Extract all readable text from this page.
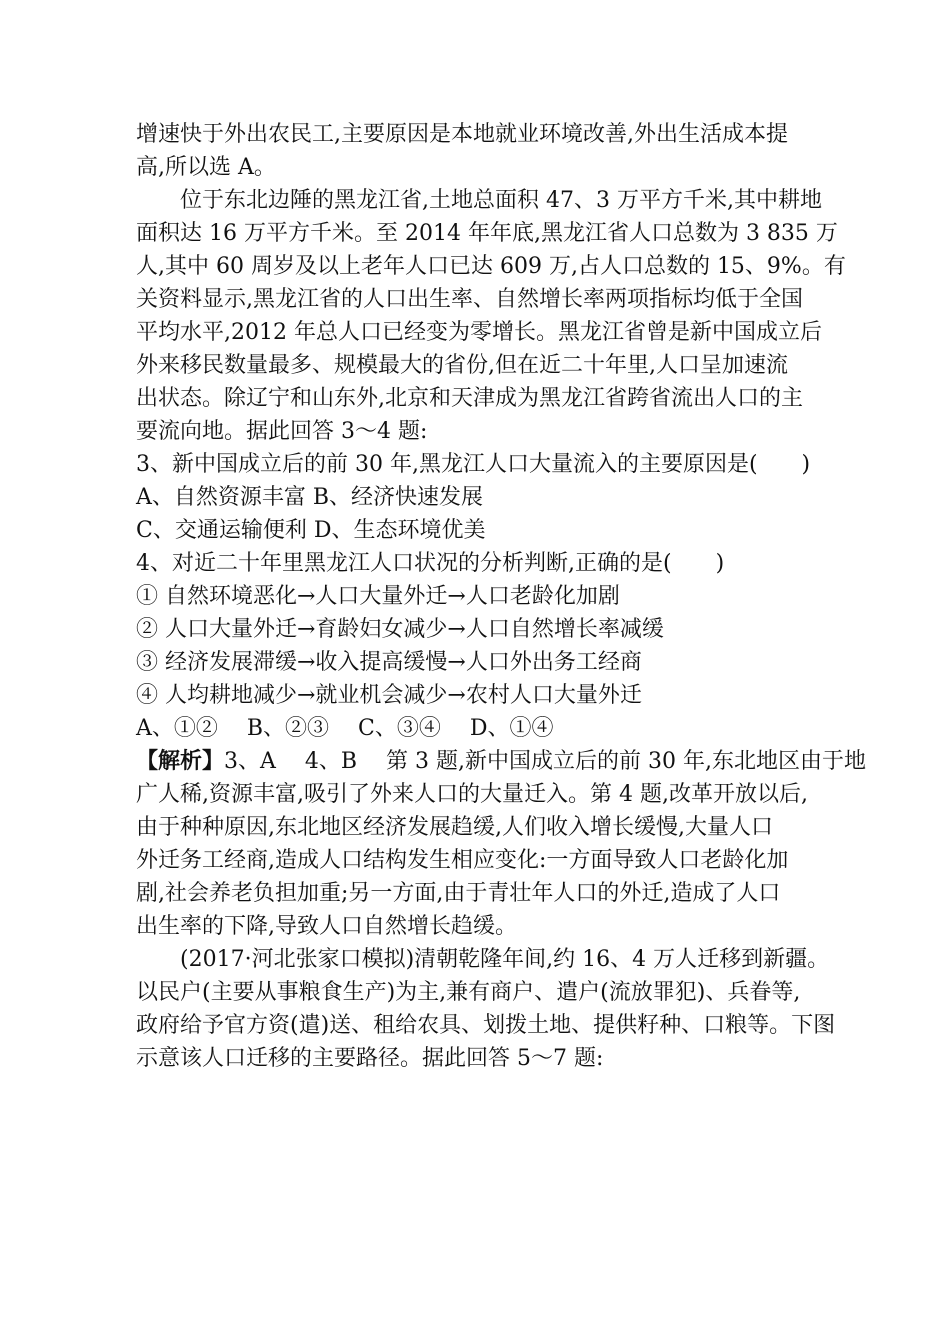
增速快于外出农民工,主要原因是本地就业环境改善,外出生活成本提
高,所以选 A。
位于东北边陲的黑龙江省,土地总面积 47、3 万平方千米,其中耕地
面积达 16 万平方千米。至 2014 年年底,黑龙江省人口总数为 3 835 万
人,其中 60 周岁及以上老年人口已达 609 万,占人口总数的 15、9%。有
关资料显示,黑龙江省的人口出生率、自然增长率两项指标均低于全国
平均水平,2012 年总人口已经变为零增长。黑龙江省曾是新中国成立后
外来移民数量最多、规模最大的省份,但在近二十年里,人口呈加速流
出状态。除辽宁和山东外,北京和天津成为黑龙江省跨省流出人口的主
要流向地。据此回答 3～4 题:
3、新中国成立后的前 30 年,黑龙江人口大量流入的主要原因是(　　)
A、自然资源丰富 B、经济快速发展
C、交通运输便利 D、生态环境优美
4、对近二十年里黑龙江人口状况的分析判断,正确的是(　　)
① 自然环境恶化→人口大量外迁→人口老龄化加剧
② 人口大量外迁→育龄妇女减少→人口自然增长率减缓
③ 经济发展滞缓→收入提高缓慢→人口外出务工经商
④ 人均耕地减少→就业机会减少→农村人口大量外迁
A、①②　 B、②③　 C、③④　 D、①④
【解析】3、A　 4、B　 第 3 题,新中国成立后的前 30 年,东北地区由于地
广人稀,资源丰富,吸引了外来人口的大量迁入。第 4 题,改革开放以后,
由于种种原因,东北地区经济发展趋缓,人们收入增长缓慢,大量人口
外迁务工经商,造成人口结构发生相应变化:一方面导致人口老龄化加
剧,社会养老负担加重;另一方面,由于青壮年人口的外迁,造成了人口
出生率的下降,导致人口自然增长趋缓。
(2017·河北张家口模拟)清朝乾隆年间,约 16、4 万人迁移到新疆。
以民户(主要从事粮食生产)为主,兼有商户、遣户(流放罪犯)、兵眷等,
政府给予官方资(遣)送、租给农具、划拨土地、提供籽种、口粮等。下图
示意该人口迁移的主要路径。据此回答 5～7 题:
